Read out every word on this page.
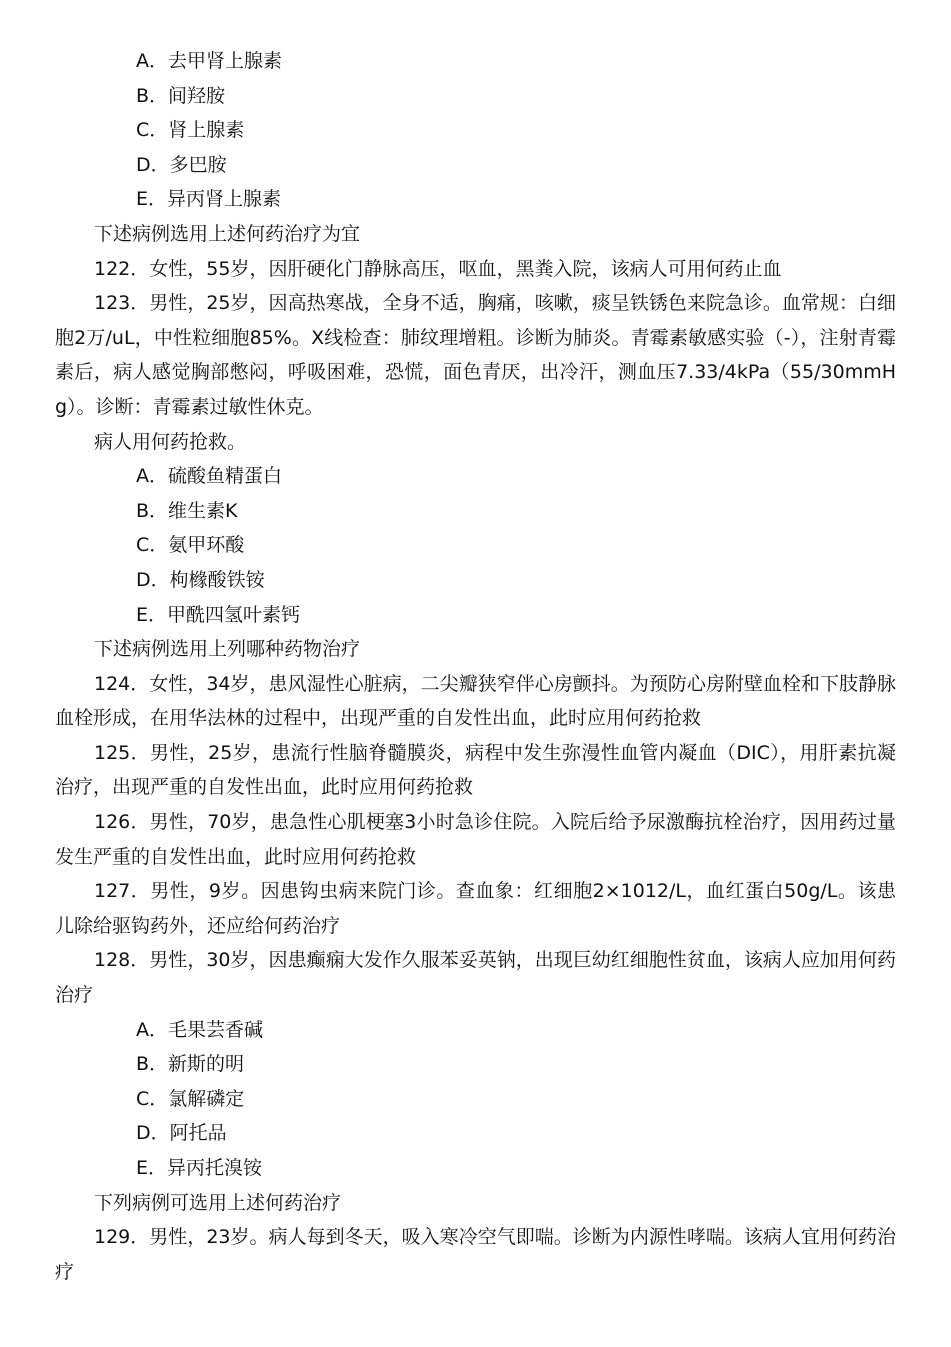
A．去甲肾上腺素

B．间羟胺

C．肾上腺素

D．多巴胺

E．异丙肾上腺素

下述病例选用上述何药治疗为宜

122．女性，55岁，因肝硬化门静脉高压，呕血，黑粪入院，该病人可用何药止血

123．男性，25岁，因高热寒战，全身不适，胸痛，咳嗽，痰呈铁锈色来院急诊。血常规：白细胞2万/uL，中性粒细胞85%。X线检查：肺纹理增粗。诊断为肺炎。青霉素敏感实验（-），注射青霉素后，病人感觉胸部憋闷，呼吸困难，恐慌，面色青厌，出冷汗，测血压7.33/4kPa（55/30mmHg）。诊断：青霉素过敏性休克。

病人用何药抢救。

A．硫酸鱼精蛋白

B．维生素K

C．氨甲环酸

D．枸橼酸铁铵

E．甲酰四氢叶素钙

下述病例选用上列哪种药物治疗

124．女性，34岁，患风湿性心脏病，二尖瓣狭窄伴心房颤抖。为预防心房附壁血栓和下肢静脉血栓形成，在用华法林的过程中，出现严重的自发性出血，此时应用何药抢救

125．男性，25岁，患流行性脑脊髓膜炎，病程中发生弥漫性血管内凝血（DIC），用肝素抗凝治疗，出现严重的自发性出血，此时应用何药抢救

126．男性，70岁，患急性心肌梗塞3小时急诊住院。入院后给予尿激酶抗栓治疗，因用药过量发生严重的自发性出血，此时应用何药抢救

127．男性，9岁。因患钩虫病来院门诊。查血象：红细胞2×1012/L，血红蛋白50g/L。该患儿除给驱钩药外，还应给何药治疗

128．男性，30岁，因患癫痫大发作久服苯妥英钠，出现巨幼红细胞性贫血，该病人应加用何药治疗

A．毛果芸香碱

B．新斯的明

C．氯解磷定

D．阿托品

E．异丙托溴铵

下列病例可选用上述何药治疗

129．男性，23岁。病人每到冬天，吸入寒冷空气即喘。诊断为内源性哮喘。该病人宜用何药治疗
